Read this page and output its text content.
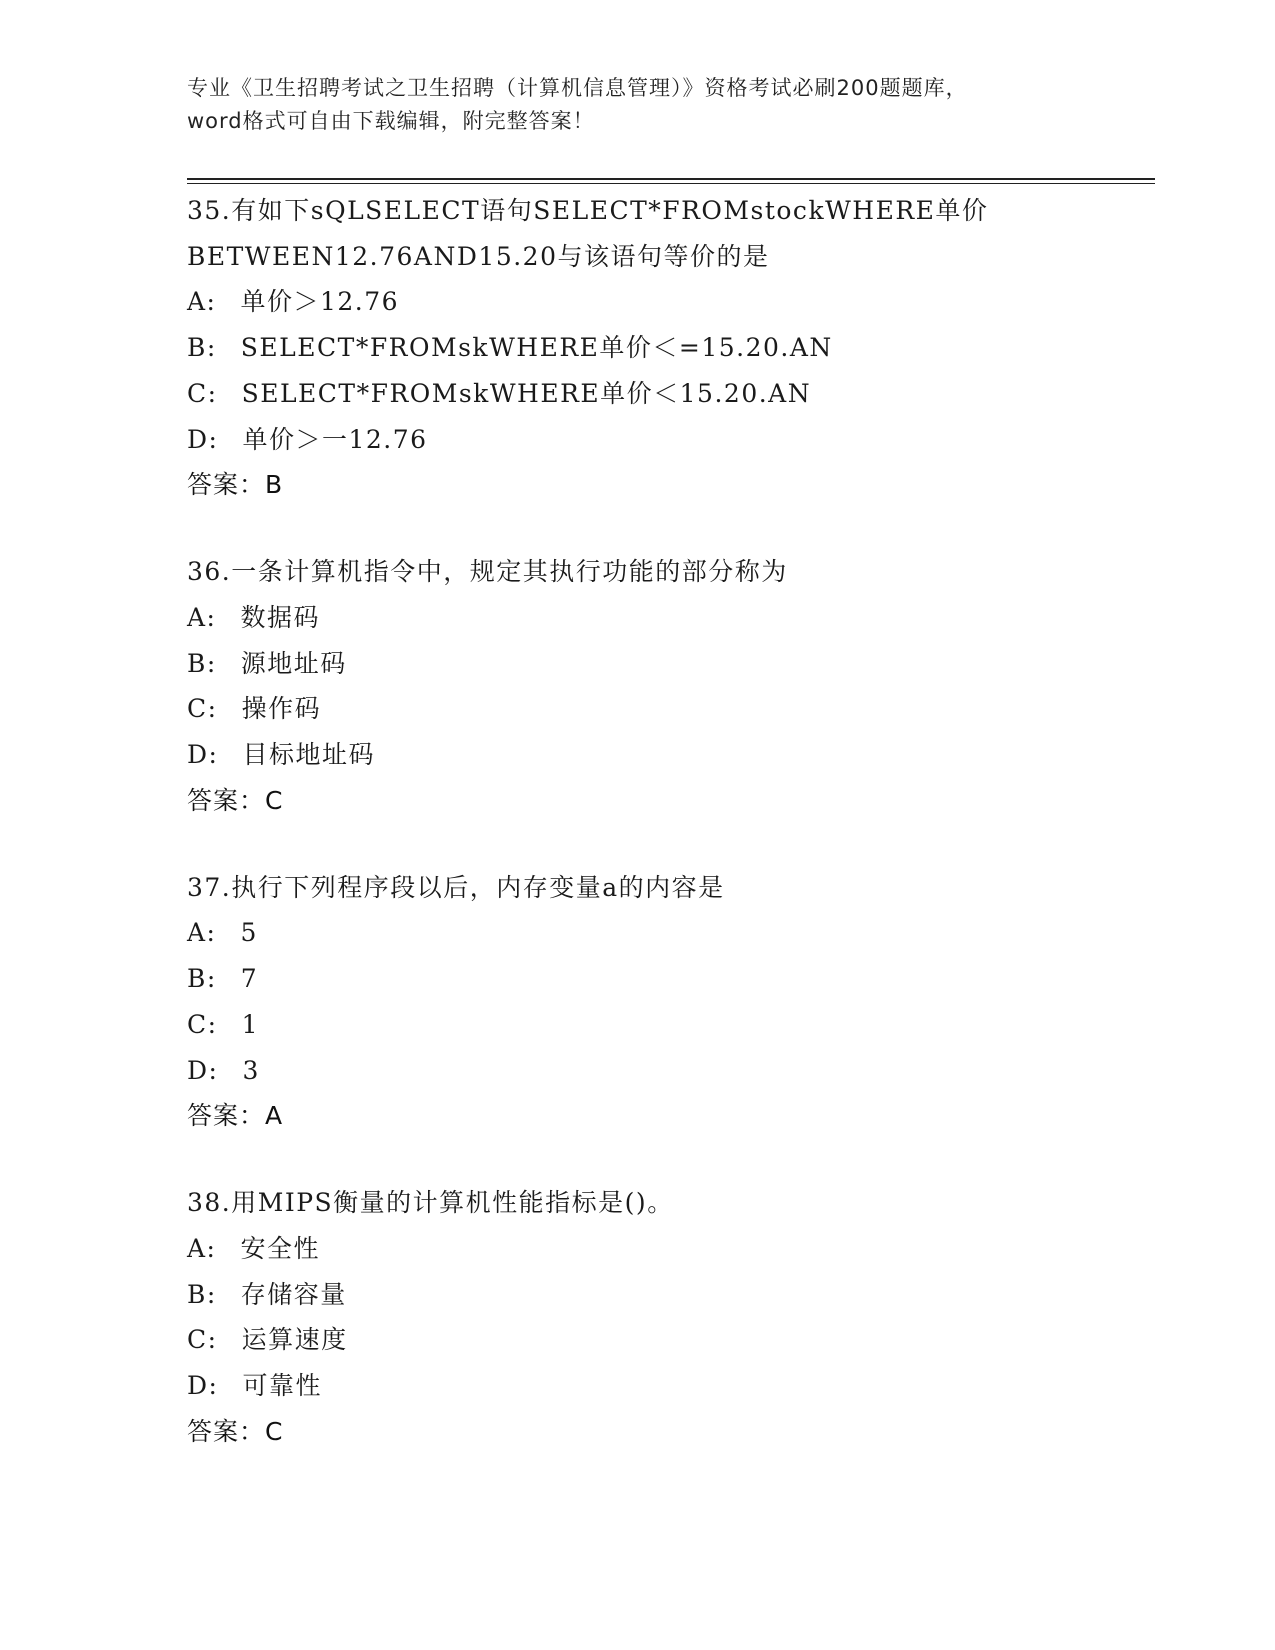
专业《卫生招聘考试之卫生招聘（计算机信息管理）》资格考试必刷200题题库，
word格式可自由下载编辑，附完整答案！
35.有如下sQLSELECT语句SELECT*FROMstockWHERE单价
BETWEEN12.76AND15.20与该语句等价的是
A: 单价＞12.76
B: SELECT*FROMskWHERE单价＜=15.20.AN
C: SELECT*FROMskWHERE单价＜15.20.AN
D: 单价＞一12.76
答案：B
36.一条计算机指令中，规定其执行功能的部分称为
A: 数据码
B: 源地址码
C: 操作码
D: 目标地址码
答案：C
37.执行下列程序段以后，内存变量a的内容是
A: 5
B: 7
C: 1
D: 3
答案：A
38.用MIPS衡量的计算机性能指标是()。
A: 安全性
B: 存储容量
C: 运算速度
D: 可靠性
答案：C
